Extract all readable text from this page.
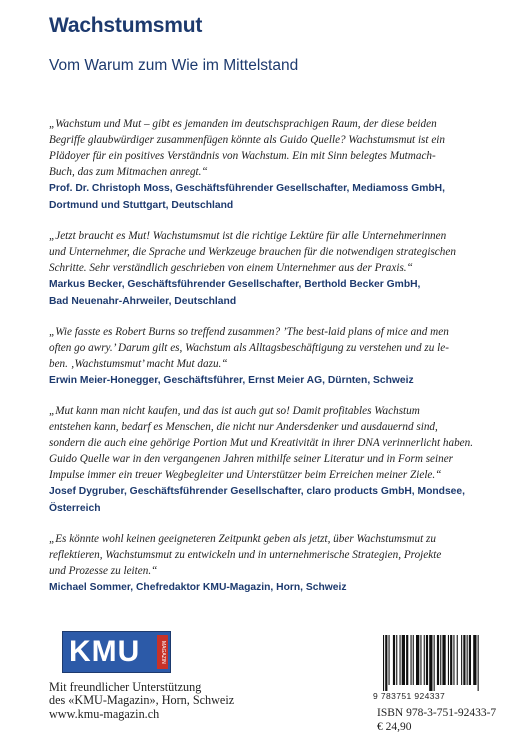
Wachstumsmut
Vom Warum zum Wie im Mittelstand
„Wachstum und Mut – gibt es jemanden im deutschsprachigen Raum, der diese beiden
Begriffe glaubwürdiger zusammenfügen könnte als Guido Quelle? Wachstumsmut ist ein
Plädoyer für ein positives Verständnis von Wachstum. Ein mit Sinn belegtes Mutmach-
Buch, das zum Mitmachen anregt.“
Prof. Dr. Christoph Moss, Geschäftsführender Gesellschafter, Mediamoss GmbH,
Dortmund und Stuttgart, Deutschland
„Jetzt braucht es Mut! Wachstumsmut ist die richtige Lektüre für alle Unternehmerinnen
und Unternehmer, die Sprache und Werkzeuge brauchen für die notwendigen strategischen
Schritte. Sehr verständlich geschrieben von einem Unternehmer aus der Praxis.“
Markus Becker, Geschäftsführender Gesellschafter, Berthold Becker GmbH,
Bad Neuenahr-Ahrweiler, Deutschland
„Wie fasste es Robert Burns so treffend zusammen? ’The best-laid plans of mice and men
often go awry.’ Darum gilt es, Wachstum als Alltagsbeschäftigung zu verstehen und zu le-
ben. ‚Wachstumsmut’ macht Mut dazu.“
Erwin Meier-Honegger, Geschäftsführer, Ernst Meier AG, Dürnten, Schweiz
„Mut kann man nicht kaufen, und das ist auch gut so! Damit profitables Wachstum
entstehen kann, bedarf es Menschen, die nicht nur Andersdenker und ausdauernd sind,
sondern die auch eine gehörige Portion Mut und Kreativität in ihrer DNA verinnerlicht haben.
Guido Quelle war in den vergangenen Jahren mithilfe seiner Literatur und in Form seiner
Impulse immer ein treuer Wegbegleiter und Unterstützer beim Erreichen meiner Ziele.“
Josef Dygruber, Geschäftsführender Gesellschafter, claro products GmbH, Mondsee,
Österreich
„Es könnte wohl keinen geeigneteren Zeitpunkt geben als jetzt, über Wachstumsmut zu
reflektieren, Wachstumsmut zu entwickeln und in unternehmerische Strategien, Projekte
und Prozesse zu leiten.“
Michael Sommer, Chefredaktor KMU-Magazin, Horn, Schweiz
KMU	MAGAZIN
Mit freundlicher Unterstützung
des «KMU-Magazin», Horn, Schweiz
www.kmu-magazin.ch
9 783751 924337
ISBN 978-3-751-92433-7
€ 24,90
